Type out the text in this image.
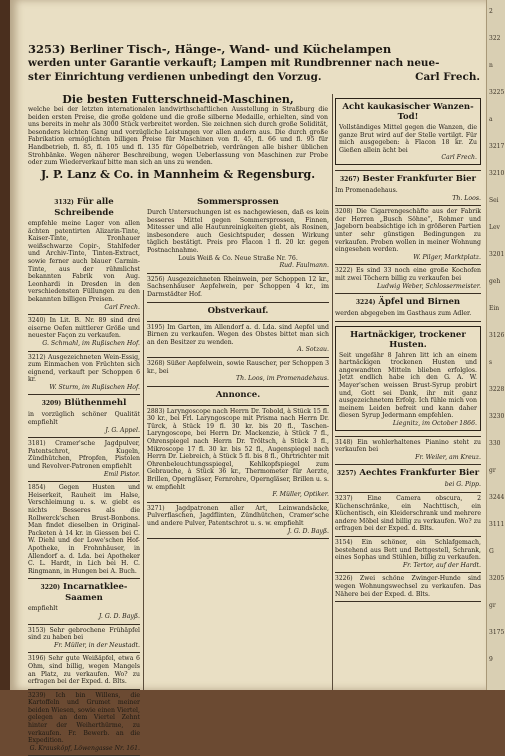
3253) Berliner Tisch-, Hänge-, Wand- und Küchelampen
werden unter Garantie verkauft; Lampen mit Rundbrenner nach neue-
ster Einrichtung verdienen unbedingt den Vorzug.	Carl Frech.
Die besten Futterschneid-Maschinen,

welche bei der letzten internationalen landwirthschaftlichen Ausstellung in Straßburg die beiden ersten Preise, die große goldene und die große silberne Medaille, erhielten, sind von uns bereits in mehr als 3000 Stück verbreitet worden. Sie zeichnen sich durch große Solidität, besonders leichten Gang und vorzügliche Leistungen vor allen andern aus. Die durch große Fabrikation ermöglichten billigen Preise für Maschinen von fl. 45, fl. 66 und fl. 95 für Handbetrieb, fl. 85, fl. 105 und fl. 135 für Göpelbetrieb, verdrängen alle bisher üblichen Strohbänke. Wegen näherer Beschreibung, wegen Ueberlassung von Maschinen zur Probe oder zum Wiederverkauf bitte man sich an uns zu wenden.

J. P. Lanz & Co. in Mannheim & Regensburg.
3132) Für alle Schreibende

empfehle meine Lager von allen ächten patentirten Alizarin-Tinte, Kaiser-Tinte, Tronhauer weißschwarze Copir-, Stahlfeder und Archiv-Tinte, Tinten-Extract, sowie ferner auch blauer Carmin-Tinte, aus der rühmlichst bekannten Fabrik von Aug. Leonhardi in Dresden in den verschiedensten Füllungen zu den bekannten billigen Preisen.

Carl Frech.

3240) In Lit. B. Nr. 89 sind drei eiserne Oefen mittlerer Größe und neuester Façon zu verkaufen.

G. Schmahl, im Rußischen Hof.

3212) Ausgezeichneten Wein-Essig, zum Einmachen von Früchten sich eignend, verkauft per Schoppen 6 kr.

W. Sturm, im Rußischen Hof.
3209) Blüthenmehl

in vorzüglich schöner Qualität empfiehlt

J. G. Appel.

3181) Cramer'sche Jagdpulver, Patentschrot, Kugeln, Zündhütchen, Pfropfen, Pistolen und Revolver-Patronen empfiehlt

Emil Pistor.

1854) Gegen Husten und Heiserkeit, Rauheit im Halse, Verschleimung u. s. w. giebt es nichts Besseres als die Rollwerck'schen Brust-Bonbons. Man findet dieselben in Original-Packeten à 14 kr. in Giessen bei C. W. Diehl und der Lowe'schen Hof-Apotheke, in Frohnhäuser, in Allendorf a. d. Lda. bei Apotheker C. L. Hardt, in Lich bei H. C. Ringmann, in Hungen bei A. Buch.

3220) Incarnatklee-Saamen

empfiehlt

J. G. D. Bayß.

3153) Sehr gebrochene Frühäpfel sind zu haben bei

Fr. Müller, in der Neustadt.

3196) Sehr gute Weißäpfel, etwa 6 Ohm, sind billig, wegen Mangels an Platz, zu verkaufen. Wo? zu erfragen bei der Exped. d. Blts.

3239) Ich bin Willens, die Kartoffeln und Grumet meiner beiden Wiesen, sowie einen Viertel, gelegen an dem Viertel Zehnt hinter der Weiherthürme, zu verkaufen. Fr. Bewerb. an die Expedition.

G. Krausköpf, Löwengasse Nr. 161.
Sommersprossen

Durch Untersuchungen ist es nachgewiesen, daß es kein besseres Mittel gegen Sommersprossen, Finnen, Mitesser und alle Hautunreinigkeiten giebt, als Rosinen, insbesondere auch Gesichtspuder, dessen Wirkung täglich bestätigt. Preis pro Flacon 1 fl. 20 kr. gegen Postnachnahme.

Louis Weiß & Co. Neue Straße Nr. 76.
Rud. Faulmann.

3256) Ausgezeichneten Rheinwein, per Schoppen 12 kr., Sachsenhäuser Aepfelwein, per Schoppen 4 kr., im Darmstädter Hof.

Obstverkauf.

3195) Im Garten, im Allendorf a. d. Lda. sind Aepfel und Birnen zu verkaufen. Wegen des Obstes bittet man sich an den Besitzer zu wenden.

A. Sotzau.

3268) Süßer Aepfelwein, sowie Rauscher, per Schoppen 3 kr., bei

Th. Loos, im Promenadehaus.
Annonce.

2883) Laryngoscope nach Herrn Dr. Tobold, à Stück 15 fl. 30 kr., bei Frl. Laryngoscope mit Prisma nach Herrn Dr. Türck, à Stück 19 fl. 30 kr. bis 20 fl., Taschen-Laryngoscope, bei Herrn Dr. Mackenzie, à Stück 7 fl., Ohrenspiegel nach Herrn Dr. Tröltsch, à Stück 3 fl., Mikroscope 17 fl. 30 kr. bis 52 fl., Augenspiegel nach Herrn Dr. Liebreich, à Stück 5 fl. bis 8 fl., Ohrtrichter mit Ohrenbeleuchtungsspiegel, Kehlkopfspiegel zum Gebrauche, à Stück 36 kr., Thermometer für Aerzte, Brillen, Operngläser, Fernrohre, Operngläser, Brillen u. s. w. empfiehlt

F. Müller, Optiker.

3271) Jagdpatronen aller Art, Leinwandsäcke, Pulverflaschen, Jagdflinten, Zündhütchen, Cramer'sche und andere Pulver, Patentschrot u. s. w. empfiehlt

J. G. D. Bayß.
Acht kaukasischer Wanzen-Tod!

Vollständiges Mittel gegen die Wanzen, die ganze Brut wird auf der Stelle vertilgt. Für mich ausgegeben: à Flacon 18 kr. Zu Gießen allein ächt bei

Carl Frech.
3267) Bester Frankfurter Bier

Im Promenadehaus.

Th. Loos.

3208) Die Cigarrengeschäfte aus der Fabrik der Herren „Busch Söhne“, Rohmer und Jageborn beabsichtige ich in größeren Partien unter sehr günstigen Bedingungen zu verkaufen. Proben wollen in meiner Wohnung eingesehen werden.

W. Pilger, Marktplatz.

3222) Es sind 33 noch eine große Kochofen mit zwei Töchern billig zu verkaufen bei

Ludwig Weber, Schlossermeister.
3224) Äpfel und Birnen

werden abgegeben im Gasthaus zum Adler.

Hartnäckiger, trockener Husten.

Seit ungefähr 8 Jahren litt ich an einem hartnäckigen trockenen Husten und angewandten Mitteln blieben erfolglos. Jetzt endlich habe ich den G. A. W. Mayer'schen weissen Brust-Syrup probirt und, Gott sei Dank, ihr mit ganz ausgezeichnetem Erfolg. Ich fühle mich von meinem Leiden befreit und kann daher diesen Syrup Jedermann empfehlen.

Liegnitz, im October 1866.

3148) Ein wohlerhaltenes Pianino steht zu verkaufen bei

Fr. Weiler, am Kreuz.
3257) Aechtes Frankfurter Bier
bei G. Pipp.

3237) Eine Camera obscura, 2 Küchenschränke, ein Nachttisch, ein Küchentisch, ein Kleiderschrank und mehrere andere Möbel sind billig zu verkaufen. Wo? zu erfragen bei der Exped. d. Blts.

3154) Ein schöner, ein Schlafgemach, bestehend aus Bett und Bettgestell, Schrank, eines Sophas und Stühlen, billig zu verkaufen.

Fr. Tertor, auf der Hardt.

3226) Zwei schöne Zwinger-Hunde sind wegen Wohnungswechsel zu verkaufen. Das Nähere bei der Exped. d. Blts.

2
322
n
3225
a
3217
3210
Sei
Lev
3201
geh
Ein
3126
s
3228
3230
330
gr
3244
3111
G
3205
gr
3175
9
